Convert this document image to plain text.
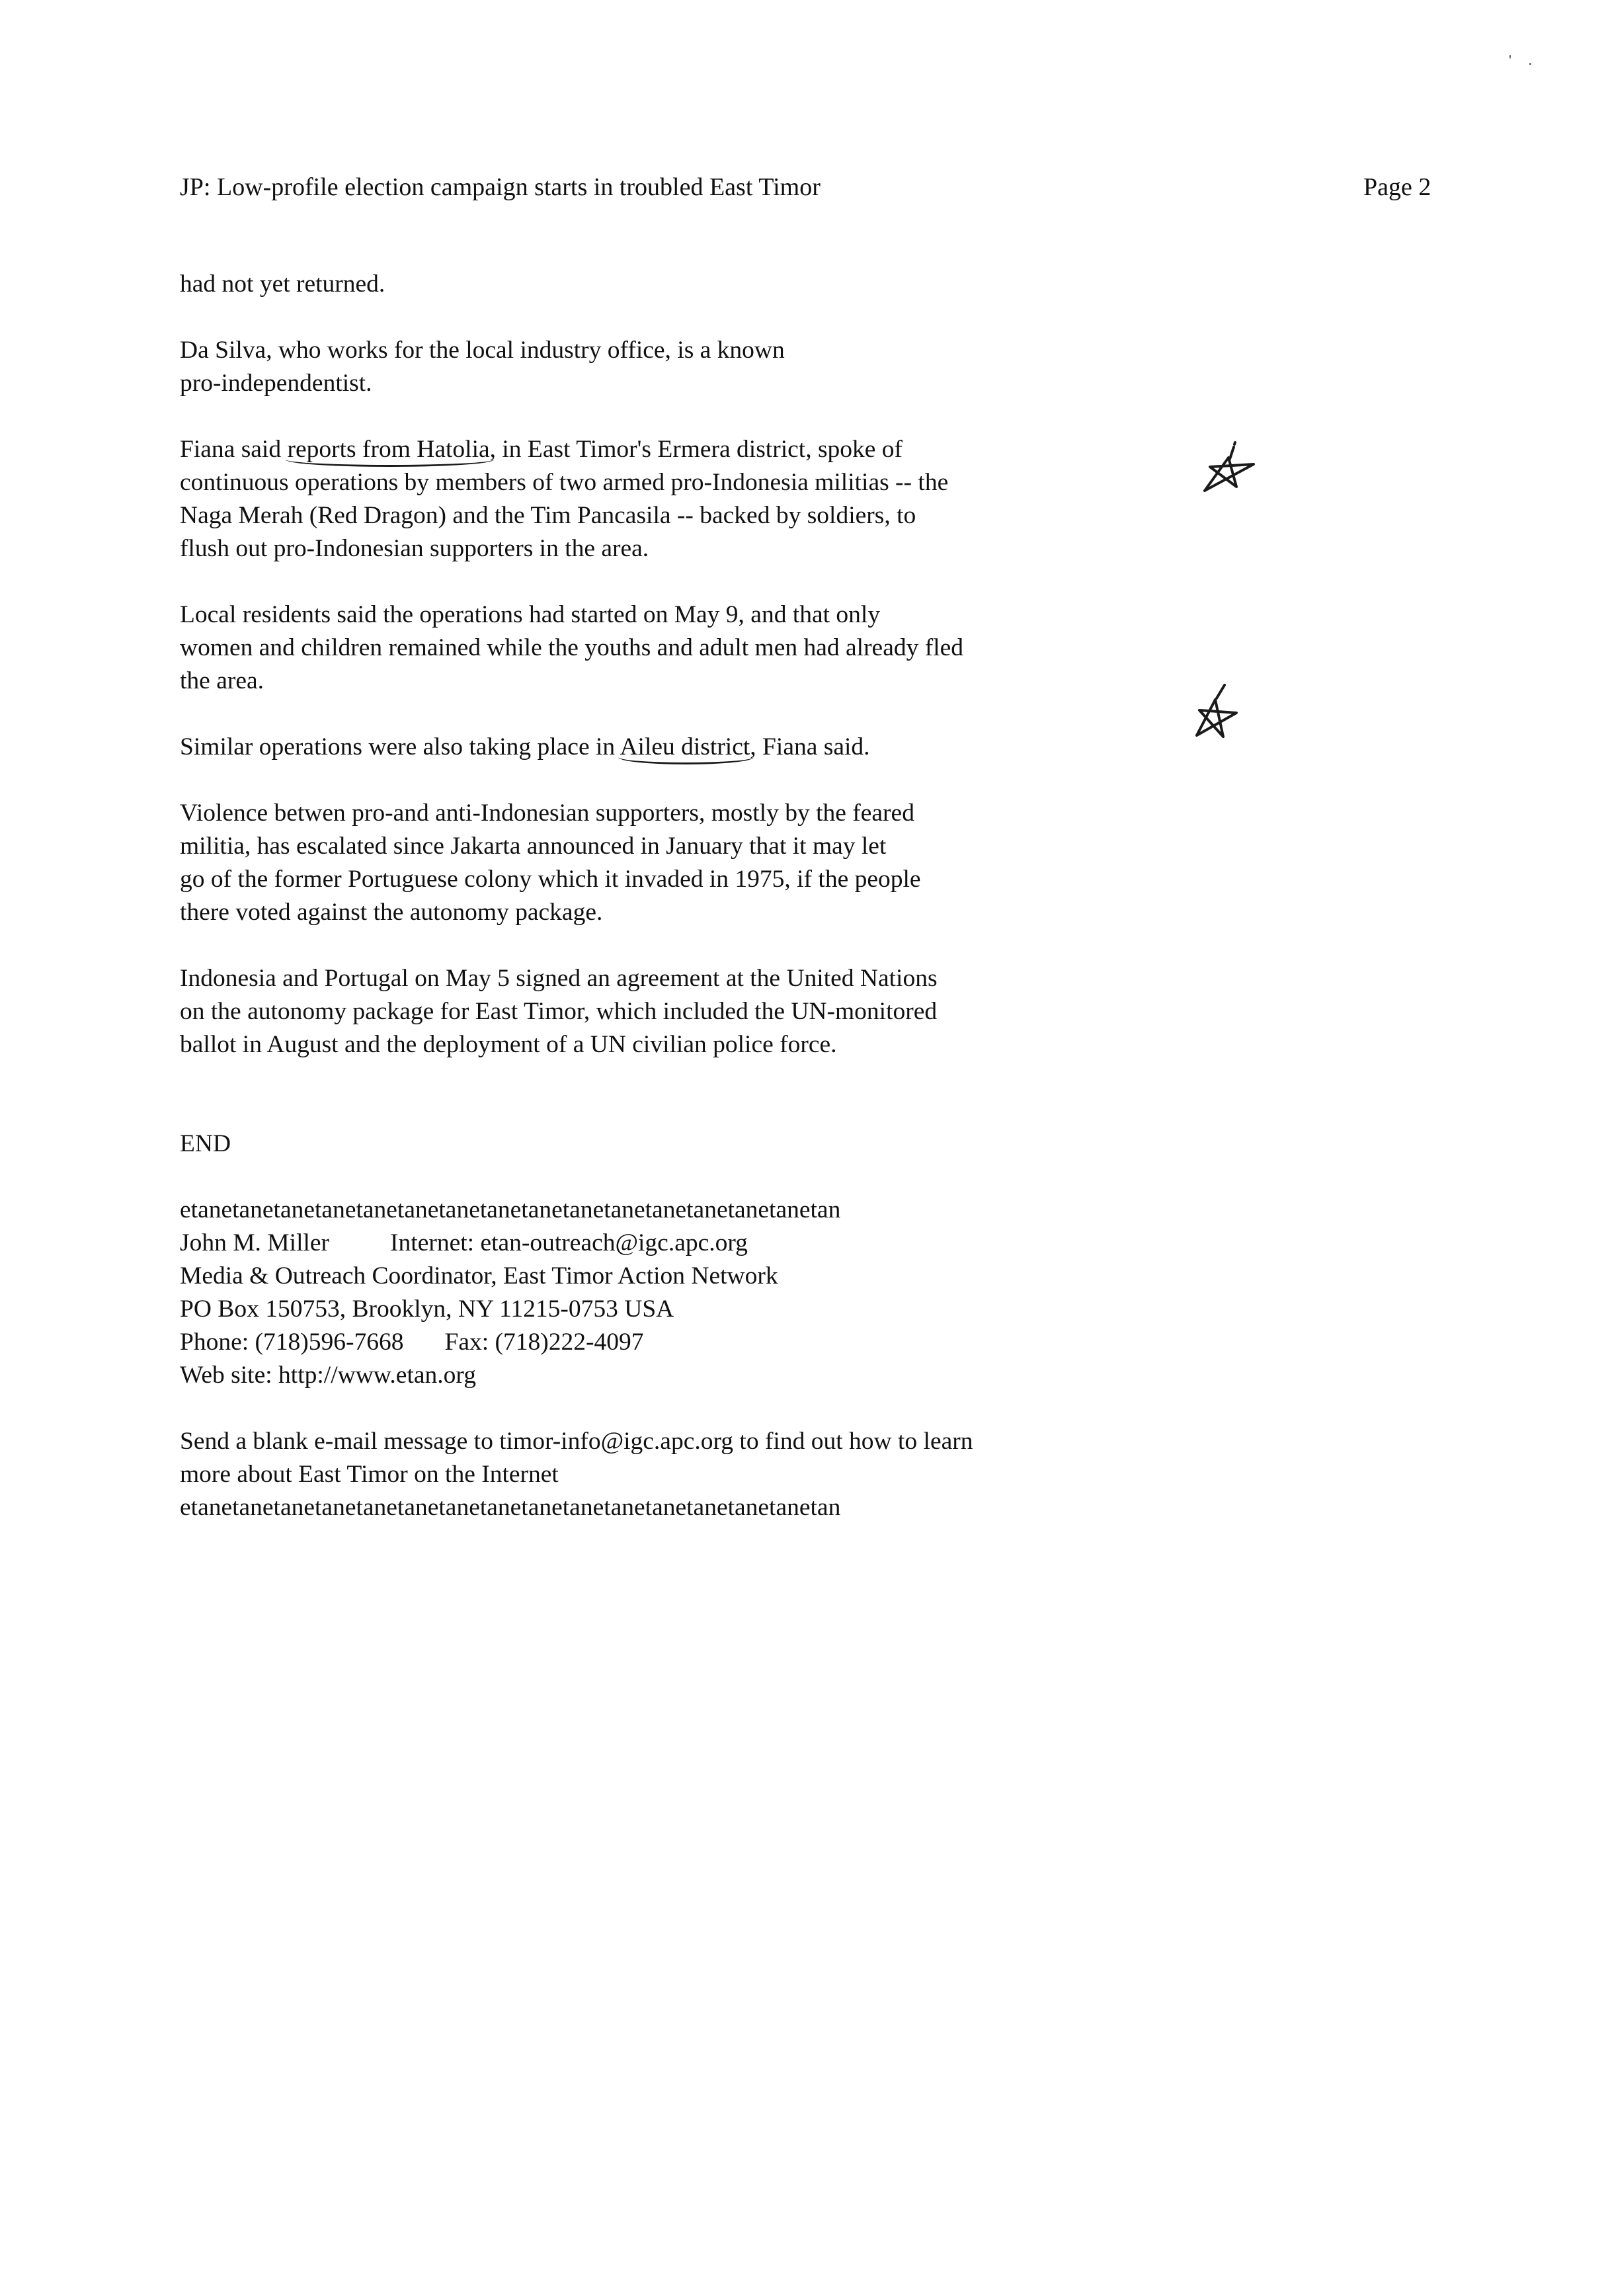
' .
JP: Low-profile election campaign starts in troubled East Timor	Page 2

had not yet returned.

Da Silva, who works for the local industry office, is a known
pro-independentist.

Fiana said reports from Hatolia, in East Timor's Ermera district, spoke of
continuous operations by members of two armed pro-Indonesia militias -- the
Naga Merah (Red Dragon) and the Tim Pancasila -- backed by soldiers, to
flush out pro-Indonesian supporters in the area.

Local residents said the operations had started on May 9, and that only
women and children remained while the youths and adult men had already fled
the area.

Similar operations were also taking place in Aileu district, Fiana said.

Violence betwen pro-and anti-Indonesian supporters, mostly by the feared
militia, has escalated since Jakarta announced in January that it may let
go of the former Portuguese colony which it invaded in 1975, if the people
there voted against the autonomy package.

Indonesia and Portugal on May 5 signed an agreement at the United Nations
on the autonomy package for East Timor, which included the UN-monitored
ballot in August and the deployment of a UN civilian police force.

END

etanetanetanetanetanetanetanetanetanetanetanetanetanetanetanetan
John M. Miller Internet: etan-outreach@igc.apc.org
Media & Outreach Coordinator, East Timor Action Network
PO Box 150753, Brooklyn, NY 11215-0753 USA
Phone: (718)596-7668 Fax: (718)222-4097
Web site: http://www.etan.org
Send a blank e-mail message to timor-info@igc.apc.org to find out how to learn
more about East Timor on the Internet
etanetanetanetanetanetanetanetanetanetanetanetanetanetanetanetan
